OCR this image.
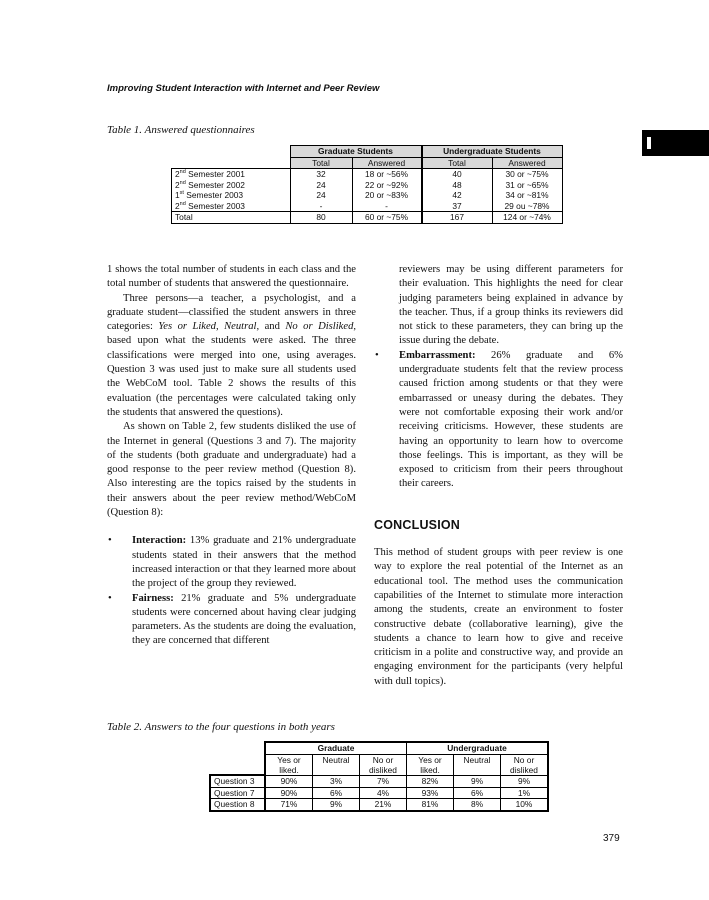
Improving Student Interaction with Internet and Peer Review
Table 1. Answered questionnaires
	Graduate Students		Undergraduate Students	
	Total	Answered	Total	Answered
2nd Semester 2001	32	18 or ~56%	40	30 or ~75%
2nd Semester 2002	24	22 or ~92%	48	31 or ~65%
1st Semester 2003	24	20 or ~83%	42	34 or ~81%
2nd Semester 2003	-	-	37	29 ou ~78%
Total	80	60 or ~75%	167	124 or ~74%

1 shows the total number of students in each class and the total number of students that answered the questionnaire.

Three persons—a teacher, a psychologist, and a graduate student—classified the student answers in three categories: Yes or Liked, Neutral, and No or Disliked, based upon what the students were asked. The three classifications were merged into one, using averages. Question 3 was used just to make sure all students used the WebCoM tool. Table 2 shows the results of this evaluation (the percentages were calculated taking only the students that answered the questions).

As shown on Table 2, few students disliked the use of the Internet in general (Questions 3 and 7). The majority of the students (both graduate and undergraduate) had a good response to the peer review method (Question 8). Also interesting are the topics raised by the students in their answers about the peer review method/WebCoM (Question 8):

• Interaction: 13% graduate and 21% undergraduate students stated in their answers that the method increased interaction or that they learned more about the project of the group they reviewed.

• Fairness: 21% graduate and 5% undergraduate students were concerned about having clear judging parameters. As the students are doing the evaluation, they are concerned that different

reviewers may be using different parameters for their evaluation. This highlights the need for clear judging parameters being explained in advance by the teacher. Thus, if a group thinks its reviewers did not stick to these parameters, they can bring up the issue during the debate.

• Embarrassment: 26% graduate and 6% undergraduate students felt that the review process caused friction among students or that they were embarrassed or uneasy during the debates. They were not comfortable exposing their work and/or receiving criticisms. However, these students are having an opportunity to learn how to overcome those feelings. This is important, as they will be exposed to criticism from their peers throughout their careers.

CONCLUSION

This method of student groups with peer review is one way to explore the real potential of the Internet as an educational tool. The method uses the communication capabilities of the Internet to stimulate more interaction among the students, create an environment to foster constructive debate (collaborative learning), give the students a chance to learn how to give and receive criticism in a polite and constructive way, and provide an engaging environment for the participants (very helpful with dull topics).

Table 2. Answers to the four questions in both years
	Graduate			Undergraduate		
	Yes or liked.	Neutral	No or disliked	Yes or liked.	Neutral	No or disliked
Question 3	90%	3%	7%	82%	9%	9%
Question 7	90%	6%	4%	93%	6%	1%
Question 8	71%	9%	21%	81%	8%	10%
379
